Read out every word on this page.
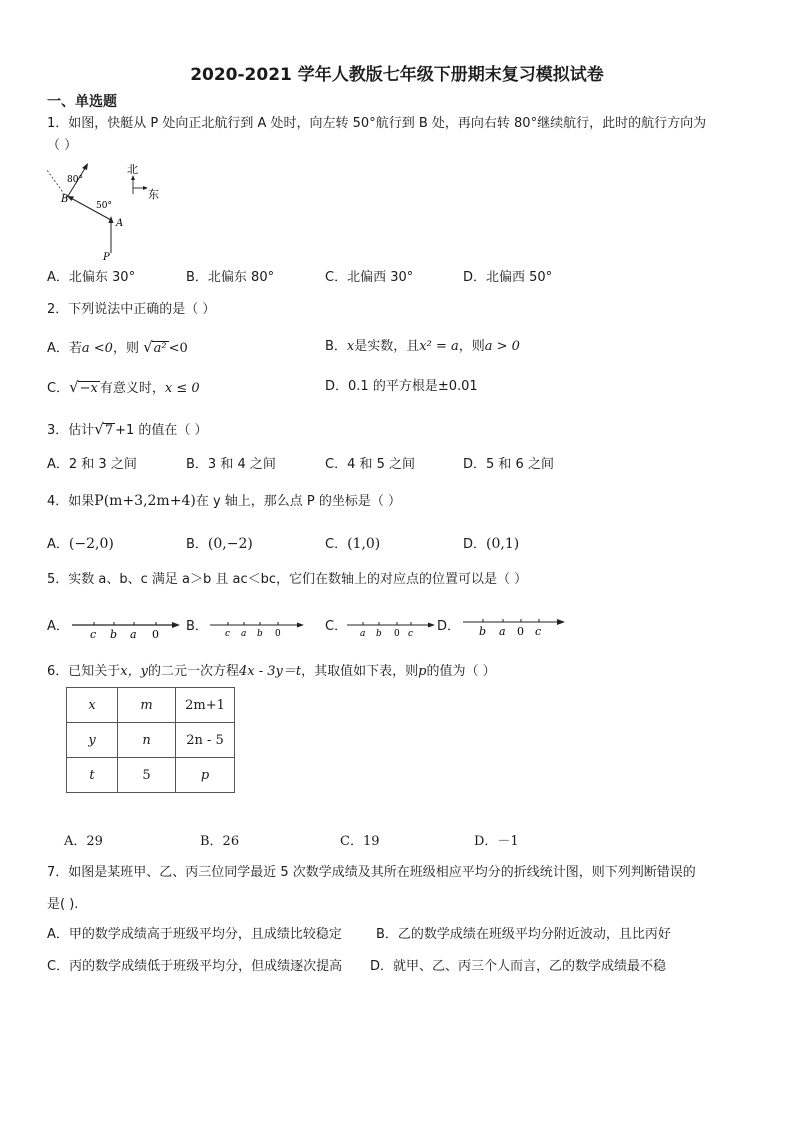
2020-2021 学年人教版七年级下册期末复习模拟试卷
一、单选题
1．如图，快艇从 P 处向正北航行到 A 处时，向左转 50°航行到 B 处，再向右转 80°继续航行，此时的航行方向为
（ ）
北
东
80°
50°
B
A
P
A．北偏东 30°	B．北偏东 80°	C．北偏西 30°	D．北偏西 50°
2．下列说法中正确的是（ ）
A．若a <0，则 √a² <0	B．x是实数，且x² = a，则a > 0
C．√−x 有意义时，x ≤ 0	D．0.1 的平方根是±0.01
3．估计√7 +1 的值在（ ）
A．2 和 3 之间	B．3 和 4 之间	C．4 和 5 之间	D．5 和 6 之间
4．如果P(m+3,2m+4)在 y 轴上，那么点 P 的坐标是（ ）
A．(−2,0)	B．(0,−2)	C．(1,0)	D．(0,1)
5．实数 a、b、c 满足 a＞b 且 ac＜bc，它们在数轴上的对应点的位置可以是（ ）
A．
c b a 0
B． c a b 0	C． a b 0 c D． b a 0 c
6．已知关于x，y的二元一次方程4x - 3y＝t，其取值如下表，则p的值为（ ）
x	m	2m+1
y	n	2n - 5
t	5	p
A．29	B．26	C．19	D．－1
7．如图是某班甲、乙、丙三位同学最近 5 次数学成绩及其所在班级相应平均分的折线统计图，则下列判断错误的
是( ).
A．甲的数学成绩高于班级平均分，且成绩比较稳定	B．乙的数学成绩在班级平均分附近波动，且比丙好
C．丙的数学成绩低于班级平均分，但成绩逐次提高 D．就甲、乙、丙三个人而言，乙的数学成绩最不稳
